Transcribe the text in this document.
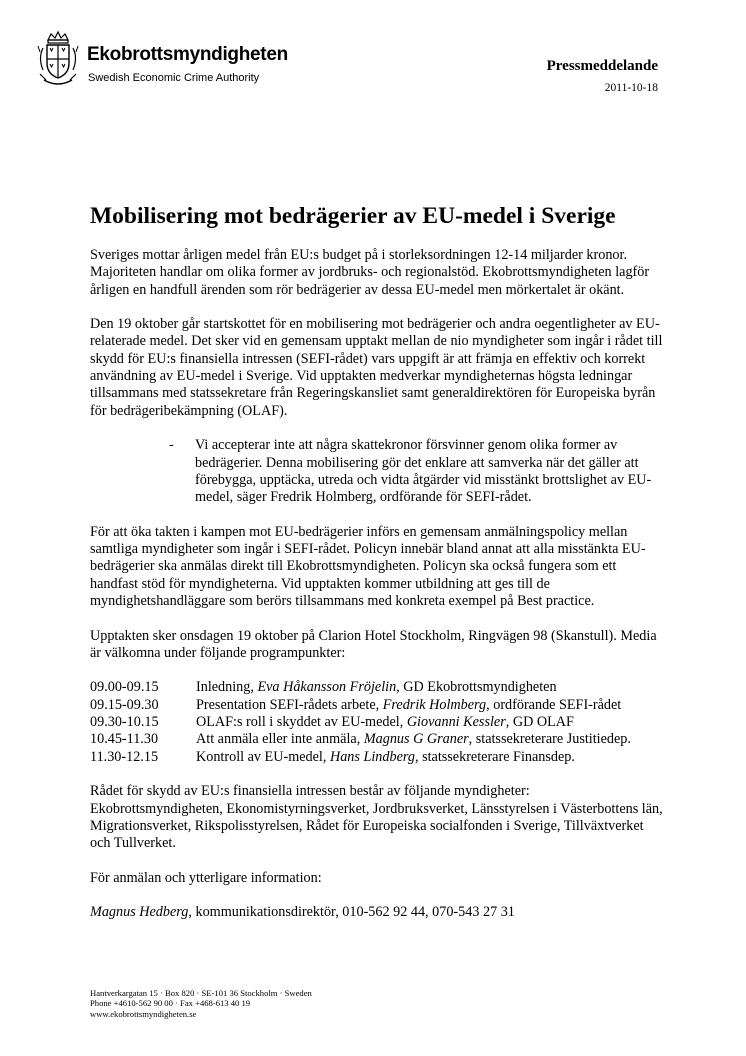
Ekobrottsmyndigheten
Swedish Economic Crime Authority
Pressmeddelande
2011-10-18
Mobilisering mot bedrägerier av EU-medel i Sverige

Sveriges mottar årligen medel från EU:s budget på i storleksordningen 12-14 miljarder kronor. Majoriteten handlar om olika former av jordbruks- och regionalstöd. Ekobrottsmyndigheten lagför årligen en handfull ärenden som rör bedrägerier av dessa EU-medel men mörkertalet är okänt.

Den 19 oktober går startskottet för en mobilisering mot bedrägerier och andra oegentligheter av EU-relaterade medel. Det sker vid en gemensam upptakt mellan de nio myndigheter som ingår i rådet till skydd för EU:s finansiella intressen (SEFI-rådet) vars uppgift är att främja en effektiv och korrekt användning av EU-medel i Sverige. Vid upptakten medverkar myndigheternas högsta ledningar tillsammans med statssekretare från Regeringskansliet samt generaldirektören för Europeiska byrån för bedrägeribekämpning (OLAF).

- Vi accepterar inte att några skattekronor försvinner genom olika former av bedrägerier. Denna mobilisering gör det enklare att samverka när det gäller att förebygga, upptäcka, utreda och vidta åtgärder vid misstänkt brottslighet av EU-medel, säger Fredrik Holmberg, ordförande för SEFI-rådet.

För att öka takten i kampen mot EU-bedrägerier införs en gemensam anmälningspolicy mellan samtliga myndigheter som ingår i SEFI-rådet. Policyn innebär bland annat att alla misstänkta EU-bedrägerier ska anmälas direkt till Ekobrottsmyndigheten. Policyn ska också fungera som ett handfast stöd för myndigheterna. Vid upptakten kommer utbildning att ges till de myndighetshandläggare som berörs tillsammans med konkreta exempel på Best practice.

Upptakten sker onsdagen 19 oktober på Clarion Hotel Stockholm, Ringvägen 98 (Skanstull). Media är välkomna under följande programpunkter:

09.00-09.15	Inledning, Eva Håkansson Fröjelin, GD Ekobrottsmyndigheten
09.15-09.30	Presentation SEFI-rådets arbete, Fredrik Holmberg, ordförande SEFI-rådet
09.30-10.15	OLAF:s roll i skyddet av EU-medel, Giovanni Kessler, GD OLAF
10.45-11.30	Att anmäla eller inte anmäla, Magnus G Graner, statssekreterare Justitiedep.
11.30-12.15	Kontroll av EU-medel, Hans Lindberg, statssekreterare Finansdep.

Rådet för skydd av EU:s finansiella intressen består av följande myndigheter: Ekobrottsmyndigheten, Ekonomistyrningsverket, Jordbruksverket, Länsstyrelsen i Västerbottens län, Migrationsverket, Rikspolisstyrelsen, Rådet för Europeiska socialfonden i Sverige, Tillväxtverket och Tullverket.

För anmälan och ytterligare information:

Magnus Hedberg, kommunikationsdirektör, 010-562 92 44, 070-543 27 31

Hantverkargatan 15 · Box 820 · SE-101 36 Stockholm · Sweden
Phone +4610-562 90 00 · Fax +468-613 40 19
www.ekobrottsmyndigheten.se
